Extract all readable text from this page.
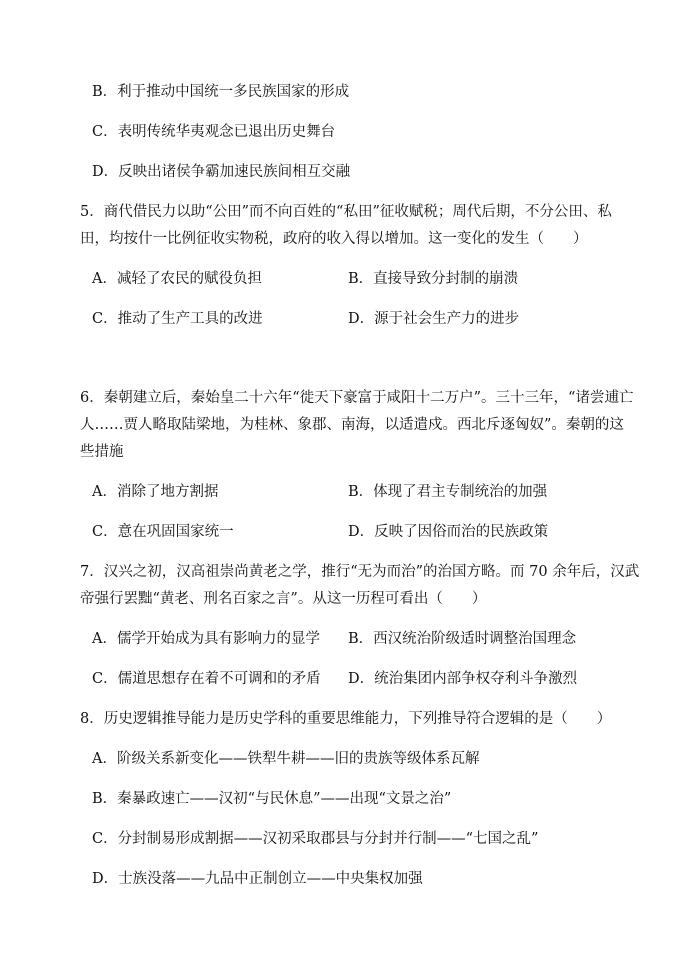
B．利于推动中国统一多民族国家的形成
C．表明传统华夷观念已退出历史舞台
D．反映出诸侯争霸加速民族间相互交融
5．商代借民力以助“公田”而不向百姓的“私田”征收赋税；周代后期，不分公田、私
田，均按什一比例征收实物税，政府的收入得以增加。这一变化的发生（　　）
A．减轻了农民的赋役负担	B．直接导致分封制的崩溃
C．推动了生产工具的改进	D．源于社会生产力的进步
6．秦朝建立后，秦始皇二十六年“徙天下豪富于咸阳十二万户”。三十三年，“诸尝逋亡
人……贾人略取陆梁地，为桂林、象郡、南海，以适遣戍。西北斥逐匈奴”。秦朝的这
些措施
A．消除了地方割据	B．体现了君主专制统治的加强
C．意在巩固国家统一	D．反映了因俗而治的民族政策
7．汉兴之初，汉高祖崇尚黄老之学，推行“无为而治”的治国方略。而 70 余年后，汉武
帝强行罢黜“黄老、刑名百家之言”。从这一历程可看出（　　）
A．儒学开始成为具有影响力的显学 B．西汉统治阶级适时调整治国理念
C．儒道思想存在着不可调和的矛盾 D．统治集团内部争权夺利斗争激烈
8．历史逻辑推导能力是历史学科的重要思维能力，下列推导符合逻辑的是（　　）
A．阶级关系新变化——铁犁牛耕——旧的贵族等级体系瓦解
B．秦暴政速亡——汉初“与民休息”——出现“文景之治”
C．分封制易形成割据——汉初采取郡县与分封并行制——“七国之乱”
D．士族没落——九品中正制创立——中央集权加强
